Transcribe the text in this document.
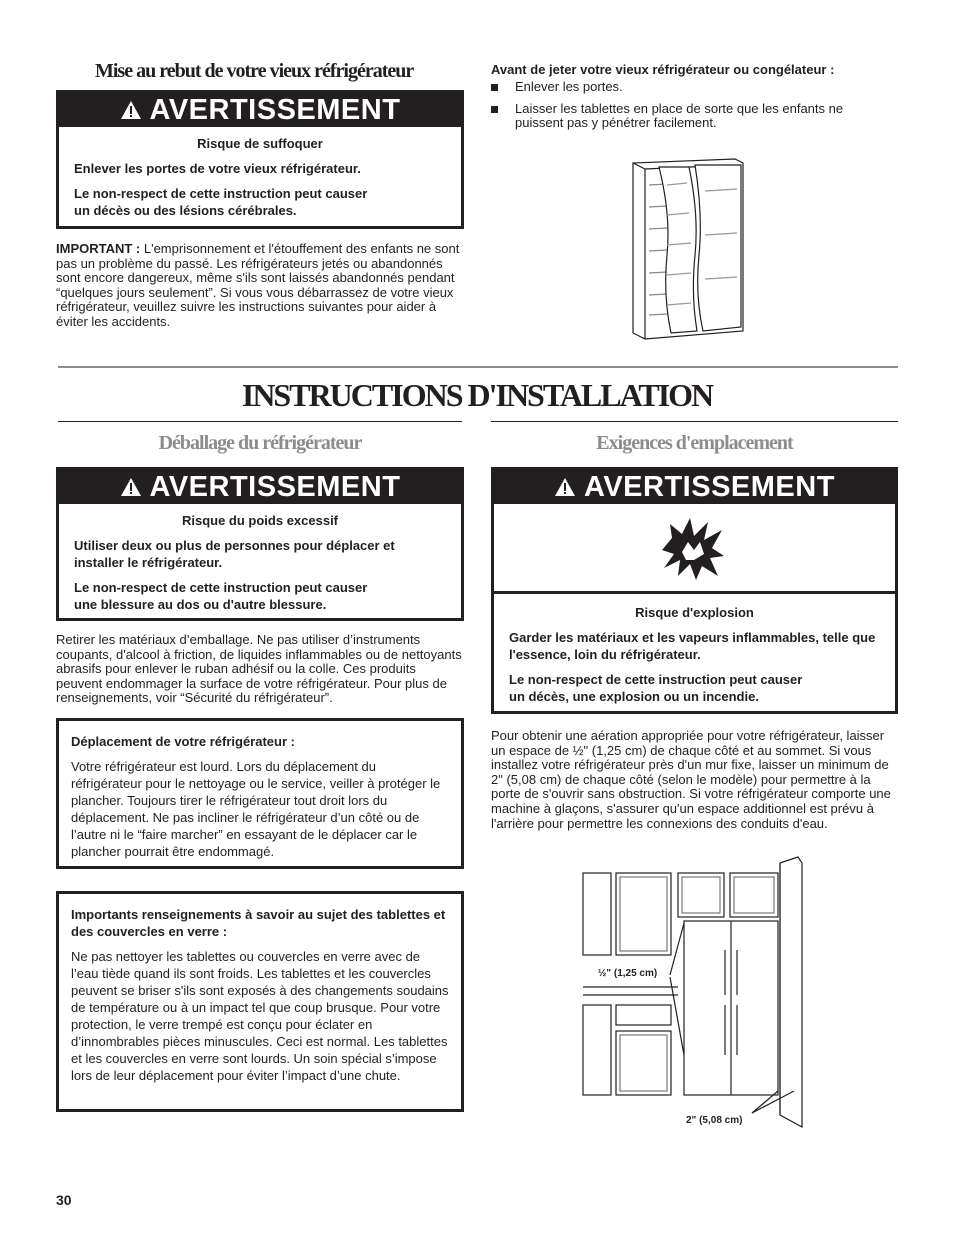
Mise au rebut de votre vieux réfrigérateur
AVERTISSEMENT

Risque de suffoquer

Enlever les portes de votre vieux réfrigérateur.

Le non-respect de cette instruction peut causer
un décès ou des lésions cérébrales.

IMPORTANT : L'emprisonnement et l'étouffement des enfants ne sont pas un problème du passé. Les réfrigérateurs jetés ou abandonnés sont encore dangereux, même s'ils sont laissés abandonnés pendant “quelques jours seulement”. Si vous vous débarrassez de votre vieux réfrigérateur, veuillez suivre les instructions suivantes pour aider à éviter les accidents.
Avant de jeter votre vieux réfrigérateur ou congélateur :
Enlever les portes.
Laisser les tablettes en place de sorte que les enfants ne puissent pas y pénétrer facilement.
INSTRUCTIONS D'INSTALLATION
Déballage du réfrigérateur
AVERTISSEMENT

Risque du poids excessif

Utiliser deux ou plus de personnes pour déplacer et installer le réfrigérateur.

Le non-respect de cette instruction peut causer
une blessure au dos ou d'autre blessure.

Retirer les matériaux d’emballage. Ne pas utiliser d’instruments coupants, d'alcool à friction, de liquides inflammables ou de nettoyants abrasifs pour enlever le ruban adhésif ou la colle. Ces produits peuvent endommager la surface de votre réfrigérateur. Pour plus de renseignements, voir “Sécurité du réfrigérateur”.
Déplacement de votre réfrigérateur :
Votre réfrigérateur est lourd. Lors du déplacement du réfrigérateur pour le nettoyage ou le service, veiller à protéger le plancher. Toujours tirer le réfrigérateur tout droit lors du déplacement. Ne pas incliner le réfrigérateur d’un côté ou de l’autre ni le “faire marcher” en essayant de le déplacer car le plancher pourrait être endommagé.
Importants renseignements à savoir au sujet des tablettes et des couvercles en verre :
Ne pas nettoyer les tablettes ou couvercles en verre avec de l’eau tiède quand ils sont froids. Les tablettes et les couvercles peuvent se briser s'ils sont exposés à des changements soudains de température ou à un impact tel que coup brusque. Pour votre protection, le verre trempé est conçu pour éclater en d’innombrables pièces minuscules. Ceci est normal. Les tablettes et les couvercles en verre sont lourds. Un soin spécial s’impose lors de leur déplacement pour éviter l’impact d’une chute.
Exigences d'emplacement
AVERTISSEMENT

Risque d'explosion

Garder les matériaux et les vapeurs inflammables, telle que l'essence, loin du réfrigérateur.

Le non-respect de cette instruction peut causer
un décès, une explosion ou un incendie.

Pour obtenir une aération appropriée pour votre réfrigérateur, laisser un espace de ½" (1,25 cm) de chaque côté et au sommet. Si vous installez votre réfrigérateur près d'un mur fixe, laisser un minimum de 2" (5,08 cm) de chaque côté (selon le modèle) pour permettre à la porte de s'ouvrir sans obstruction. Si votre réfrigérateur comporte une machine à glaçons, s'assurer qu'un espace additionnel est prévu à l'arrière pour permettre les connexions des conduits d'eau.
½" (1,25 cm)
2" (5,08 cm)
30
